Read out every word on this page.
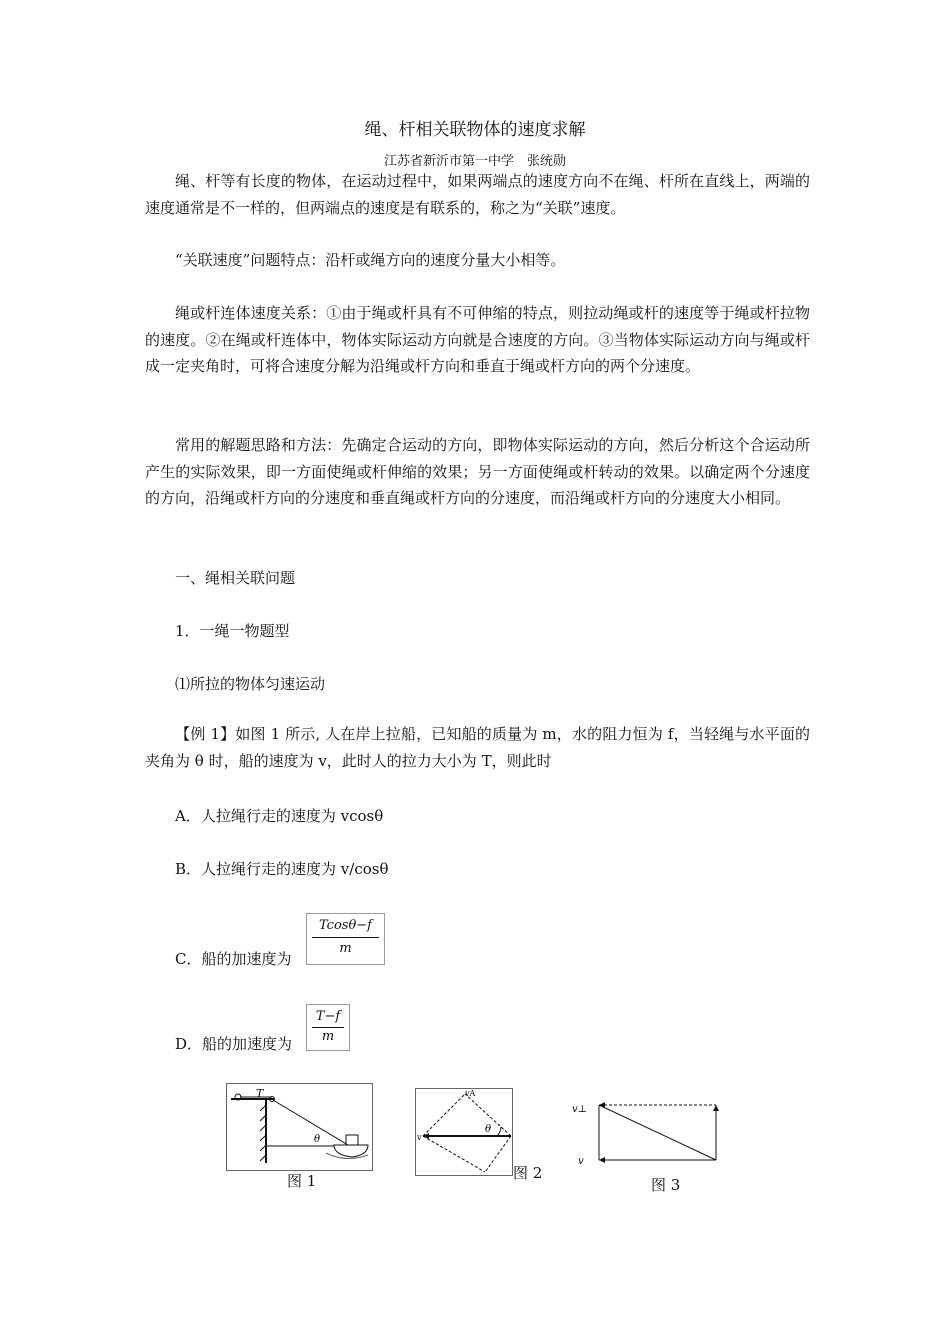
绳、杆相关联物体的速度求解
江苏省新沂市第一中学　张统勋

绳、杆等有长度的物体，在运动过程中，如果两端点的速度方向不在绳、杆所在直线上，两端的速度通常是不一样的，但两端点的速度是有联系的，称之为“关联”速度。

“关联速度”问题特点：沿杆或绳方向的速度分量大小相等。

绳或杆连体速度关系：①由于绳或杆具有不可伸缩的特点，则拉动绳或杆的速度等于绳或杆拉物的速度。②在绳或杆连体中，物体实际运动方向就是合速度的方向。③当物体实际运动方向与绳或杆成一定夹角时，可将合速度分解为沿绳或杆方向和垂直于绳或杆方向的两个分速度。

常用的解题思路和方法：先确定合运动的方向，即物体实际运动的方向，然后分析这个合运动所产生的实际效果，即一方面使绳或杆伸缩的效果；另一方面使绳或杆转动的效果。以确定两个分速度的方向，沿绳或杆方向的分速度和垂直绳或杆方向的分速度，而沿绳或杆方向的分速度大小相同。

一、绳相关联问题
1．一绳一物题型
⑴所拉的物体匀速运动

【例 1】如图 1 所示, 人在岸上拉船，已知船的质量为 m，水的阻力恒为 f，当轻绳与水平面的夹角为 θ 时，船的速度为 v，此时人的拉力大小为 T，则此时

A．人拉绳行走的速度为 vcosθ
B．人拉绳行走的速度为 v/cosθ
C．船的加速度为
Tcosθ−f
m
D．船的加速度为
T−f
m
T
θ
图 1
vA
θ
v
图 2
v⊥
v
图 3
